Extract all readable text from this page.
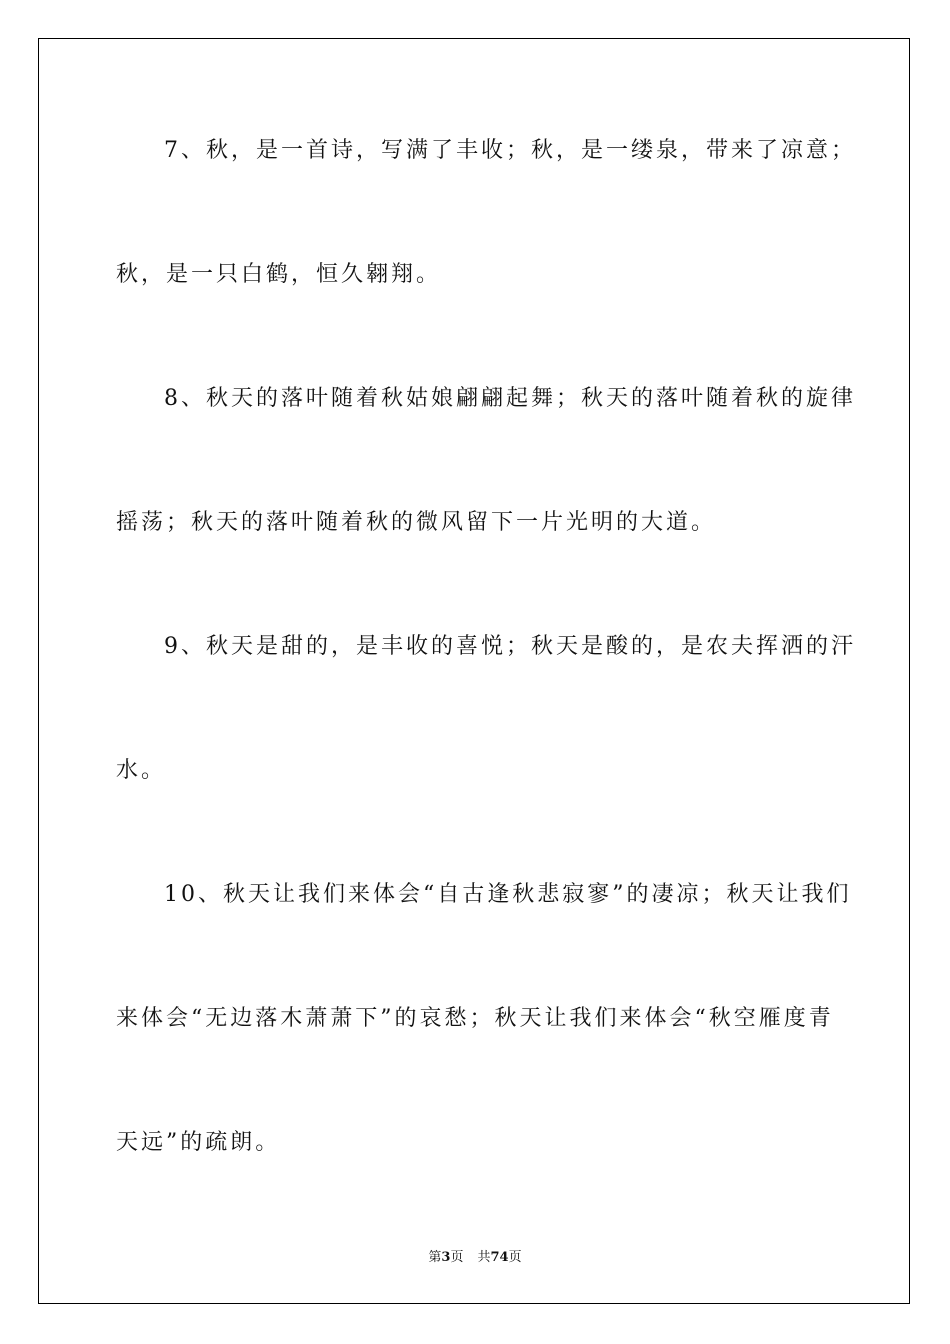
7、秋，是一首诗，写满了丰收；秋，是一缕泉，带来了凉意；
秋，是一只白鹤，恒久翱翔。
8、秋天的落叶随着秋姑娘翩翩起舞；秋天的落叶随着秋的旋律
摇荡；秋天的落叶随着秋的微风留下一片光明的大道。
9、秋天是甜的，是丰收的喜悦；秋天是酸的，是农夫挥洒的汗
水。
10、秋天让我们来体会“自古逢秋悲寂寥”的凄凉；秋天让我们
来体会“无边落木萧萧下”的哀愁；秋天让我们来体会“秋空雁度青
天远”的疏朗。
第3页 共74页
